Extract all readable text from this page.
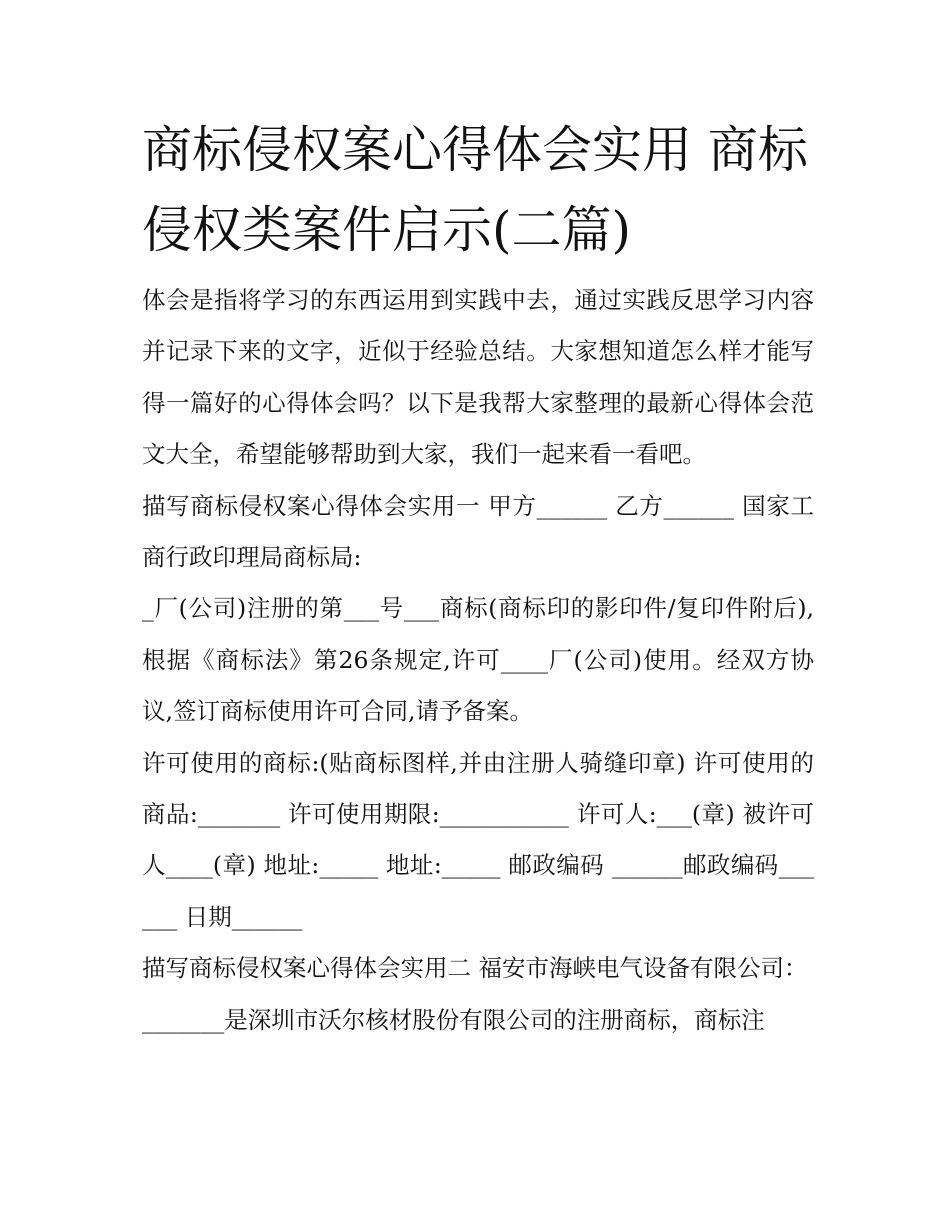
商标侵权案心得体会实用 商标侵权类案件启示(二篇)

体会是指将学习的东西运用到实践中去，通过实践反思学习内容并记录下来的文字，近似于经验总结。大家想知道怎么样才能写得一篇好的心得体会吗？以下是我帮大家整理的最新心得体会范文大全，希望能够帮助到大家，我们一起来看一看吧。

描写商标侵权案心得体会实用一 甲方______ 乙方______ 国家工商行政印理局商标局:

_厂(公司)注册的第___号___商标(商标印的影印件/复印件附后),根据《商标法》第26条规定,许可____厂(公司)使用。经双方协议,签订商标使用许可合同,请予备案。

许可使用的商标:(贴商标图样,并由注册人骑缝印章) 许可使用的商品:_______ 许可使用期限:___________ 许可人:___(章) 被许可人____(章) 地址:_____ 地址:_____ 邮政编码 ______邮政编码______ 日期______

描写商标侵权案心得体会实用二 福安市海峡电气设备有限公司：

_______是深圳市沃尔核材股份有限公司的注册商标，商标注
